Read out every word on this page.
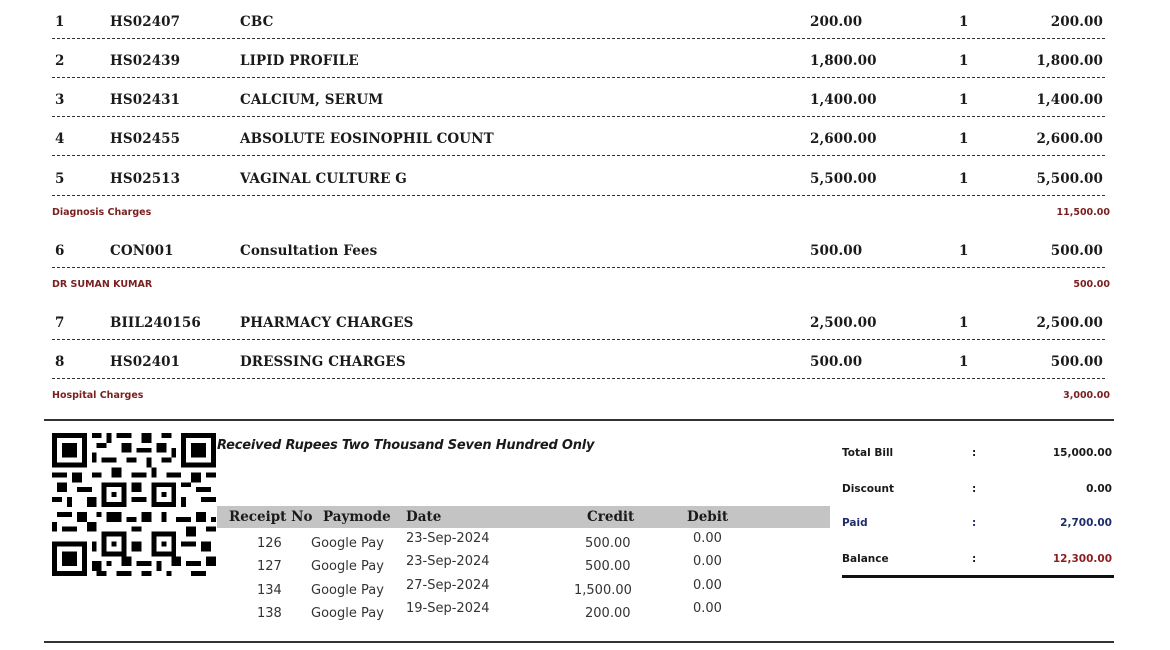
1	HS02407	CBC	200.00	1	200.00
2	HS02439	LIPID PROFILE	1,800.00	1	1,800.00
3	HS02431	CALCIUM, SERUM	1,400.00	1	1,400.00
4	HS02455	ABSOLUTE EOSINOPHIL COUNT	2,600.00	1	2,600.00
5	HS02513	VAGINAL CULTURE G	5,500.00	1	5,500.00
Diagnosis Charges	11,500.00
6	CON001	Consultation Fees	500.00	1	500.00
DR SUMAN KUMAR	500.00
7	BIIL240156	PHARMACY CHARGES	2,500.00	1	2,500.00
8	HS02401	DRESSING CHARGES	500.00	1	500.00
Hospital Charges	3,000.00
Received Rupees Two Thousand Seven Hundred Only
Receipt No Paymode Date	Credit	Debit
126 Google Pay 23-Sep-2024	500.00	0.00
127 Google Pay 23-Sep-2024	500.00	0.00
134 Google Pay 27-Sep-2024	1,500.00	0.00
138 Google Pay 19-Sep-2024	200.00	0.00
Total Bill	:	15,000.00
Discount	:	0.00
Paid	:	2,700.00
Balance	:	12,300.00
